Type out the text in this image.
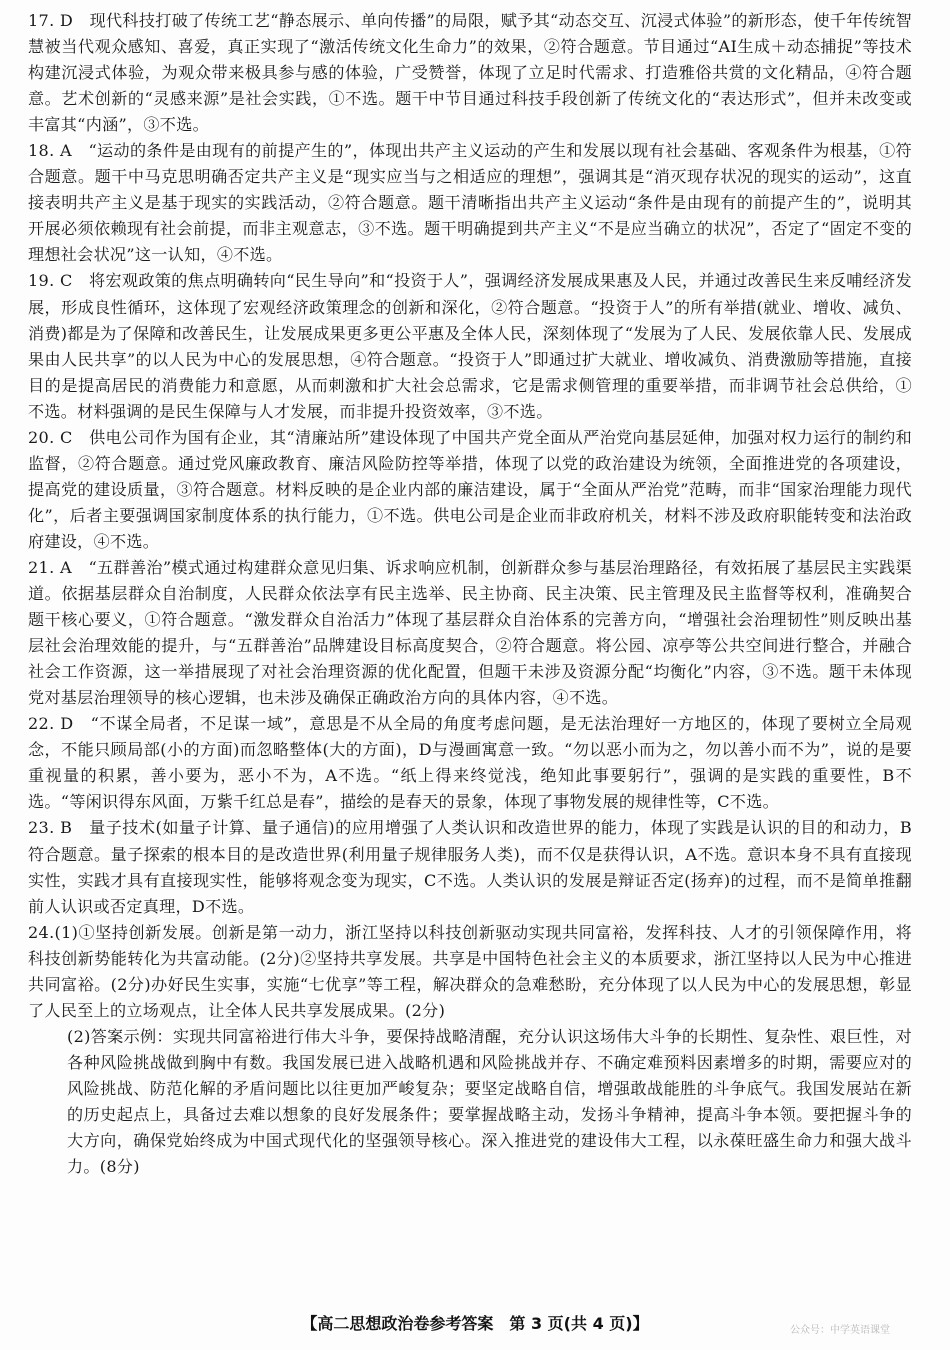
17. D　 现代科技打破了传统工艺“静态展示、单向传播”的局限，赋予其“动态交互、沉浸式体验”的新形态，使千年传统智慧被当代观众感知、喜爱，真正实现了“激活传统文化生命力”的效果，②符合题意。节目通过“AI生成＋动态捕捉”等技术构建沉浸式体验，为观众带来极具参与感的体验，广受赞誉，体现了立足时代需求、打造雅俗共赏的文化精品，④符合题意。艺术创新的“灵感来源”是社会实践，①不选。题干中节目通过科技手段创新了传统文化的“表达形式”，但并未改变或丰富其“内涵”，③不选。

18. A　 “运动的条件是由现有的前提产生的”，体现出共产主义运动的产生和发展以现有社会基础、客观条件为根基，①符合题意。题干中马克思明确否定共产主义是“现实应当与之相适应的理想”，强调其是“消灭现存状况的现实的运动”，这直接表明共产主义是基于现实的实践活动，②符合题意。题干清晰指出共产主义运动“条件是由现有的前提产生的”，说明其开展必须依赖现有社会前提，而非主观意志，③不选。题干明确提到共产主义“不是应当确立的状况”，否定了“固定不变的理想社会状况”这一认知，④不选。

19. C　 将宏观政策的焦点明确转向“民生导向”和“投资于人”，强调经济发展成果惠及人民，并通过改善民生来反哺经济发展，形成良性循环，这体现了宏观经济政策理念的创新和深化，②符合题意。“投资于人”的所有举措(就业、增收、减负、消费)都是为了保障和改善民生，让发展成果更多更公平惠及全体人民，深刻体现了“发展为了人民、发展依靠人民、发展成果由人民共享”的以人民为中心的发展思想，④符合题意。“投资于人”即通过扩大就业、增收减负、消费激励等措施，直接目的是提高居民的消费能力和意愿，从而刺激和扩大社会总需求，它是需求侧管理的重要举措，而非调节社会总供给，①不选。材料强调的是民生保障与人才发展，而非提升投资效率，③不选。

20. C　 供电公司作为国有企业，其“清廉站所”建设体现了中国共产党全面从严治党向基层延伸，加强对权力运行的制约和监督，②符合题意。通过党风廉政教育、廉洁风险防控等举措，体现了以党的政治建设为统领，全面推进党的各项建设，提高党的建设质量，③符合题意。材料反映的是企业内部的廉洁建设，属于“全面从严治党”范畴，而非“国家治理能力现代化”，后者主要强调国家制度体系的执行能力，①不选。供电公司是企业而非政府机关，材料不涉及政府职能转变和法治政府建设，④不选。

21. A　 “五群善治”模式通过构建群众意见归集、诉求响应机制，创新群众参与基层治理路径，有效拓展了基层民主实践渠道。依据基层群众自治制度，人民群众依法享有民主选举、民主协商、民主决策、民主管理及民主监督等权利，准确契合题干核心要义，①符合题意。“激发群众自治活力”体现了基层群众自治体系的完善方向，“增强社会治理韧性”则反映出基层社会治理效能的提升，与“五群善治”品牌建设目标高度契合，②符合题意。将公园、凉亭等公共空间进行整合，并融合社会工作资源，这一举措展现了对社会治理资源的优化配置，但题干未涉及资源分配“均衡化”内容，③不选。题干未体现党对基层治理领导的核心逻辑，也未涉及确保正确政治方向的具体内容，④不选。

22. D　 “不谋全局者，不足谋一域”，意思是不从全局的角度考虑问题，是无法治理好一方地区的，体现了要树立全局观念，不能只顾局部(小的方面)而忽略整体(大的方面)，D与漫画寓意一致。“勿以恶小而为之，勿以善小而不为”，说的是要重视量的积累，善小要为，恶小不为，A不选。“纸上得来终觉浅，绝知此事要躬行”，强调的是实践的重要性，B不选。“等闲识得东风面，万紫千红总是春”，描绘的是春天的景象，体现了事物发展的规律性等，C不选。

23. B　 量子技术(如量子计算、量子通信)的应用增强了人类认识和改造世界的能力，体现了实践是认识的目的和动力，B符合题意。量子探索的根本目的是改造世界(利用量子规律服务人类)，而不仅是获得认识，A不选。意识本身不具有直接现实性，实践才具有直接现实性，能够将观念变为现实，C不选。人类认识的发展是辩证否定(扬弃)的过程，而不是简单推翻前人认识或否定真理，D不选。

24.(1)①坚持创新发展。创新是第一动力，浙江坚持以科技创新驱动实现共同富裕，发挥科技、人才的引领保障作用，将科技创新势能转化为共富动能。(2分)②坚持共享发展。共享是中国特色社会主义的本质要求，浙江坚持以人民为中心推进共同富裕。(2分)办好民生实事，实施“七优享”等工程，解决群众的急难愁盼，充分体现了以人民为中心的发展思想，彰显了人民至上的立场观点，让全体人民共享发展成果。(2分)

(2)答案示例：实现共同富裕进行伟大斗争，要保持战略清醒，充分认识这场伟大斗争的长期性、复杂性、艰巨性，对各种风险挑战做到胸中有数。我国发展已进入战略机遇和风险挑战并存、不确定难预料因素增多的时期，需要应对的风险挑战、防范化解的矛盾问题比以往更加严峻复杂；要坚定战略自信，增强敢战能胜的斗争底气。我国发展站在新的历史起点上，具备过去难以想象的良好发展条件；要掌握战略主动，发扬斗争精神，提高斗争本领。要把握斗争的大方向，确保党始终成为中国式现代化的坚强领导核心。深入推进党的建设伟大工程，以永葆旺盛生命力和强大战斗力。(8分)

【高二思想政治卷参考答案　第 3 页(共 4 页)】	公众号：中学英语课堂
